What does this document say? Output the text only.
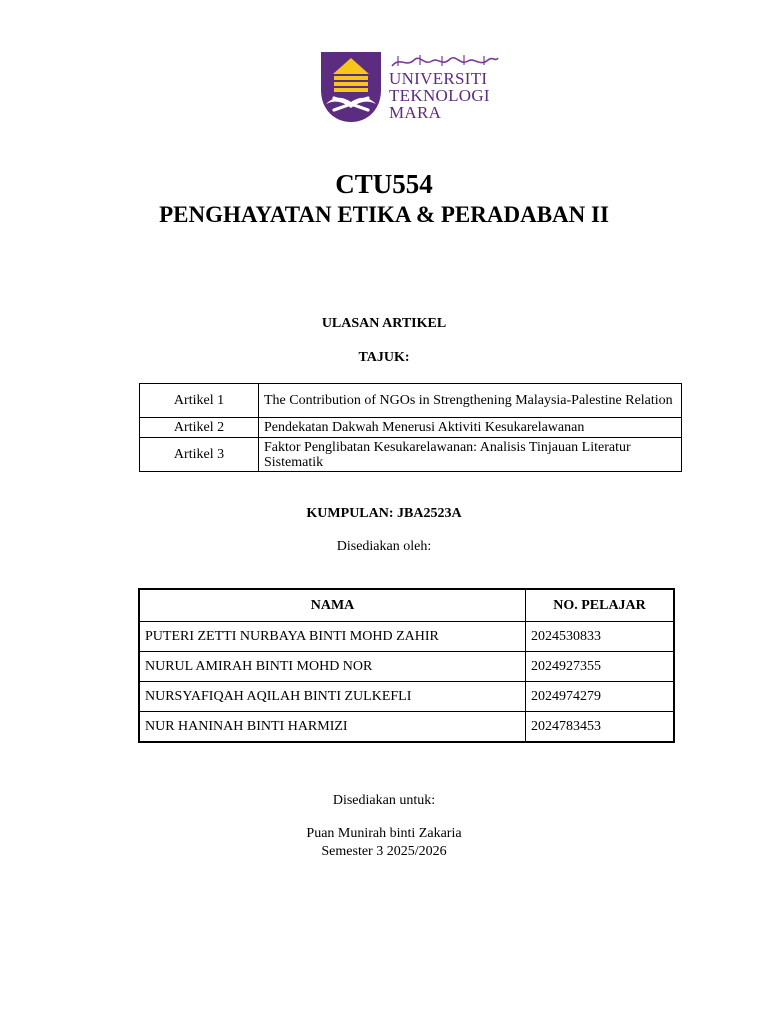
UNIVERSITI
TEKNOLOGI
MARA
CTU554
PENGHAYATAN ETIKA & PERADABAN II
ULASAN ARTIKEL
TAJUK:
Artikel 1	The Contribution of NGOs in Strengthening Malaysia-Palestine Relation
Artikel 2	Pendekatan Dakwah Menerusi Aktiviti Kesukarelawanan
Artikel 3	Faktor Penglibatan Kesukarelawanan: Analisis Tinjauan Literatur Sistematik
KUMPULAN: JBA2523A
Disediakan oleh:
NAMA	NO. PELAJAR
PUTERI ZETTI NURBAYA BINTI MOHD ZAHIR	2024530833
NURUL AMIRAH BINTI MOHD NOR	2024927355
NURSYAFIQAH AQILAH BINTI ZULKEFLI	2024974279
NUR HANINAH BINTI HARMIZI	2024783453
Disediakan untuk:
Puan Munirah binti Zakaria
Semester 3 2025/2026
